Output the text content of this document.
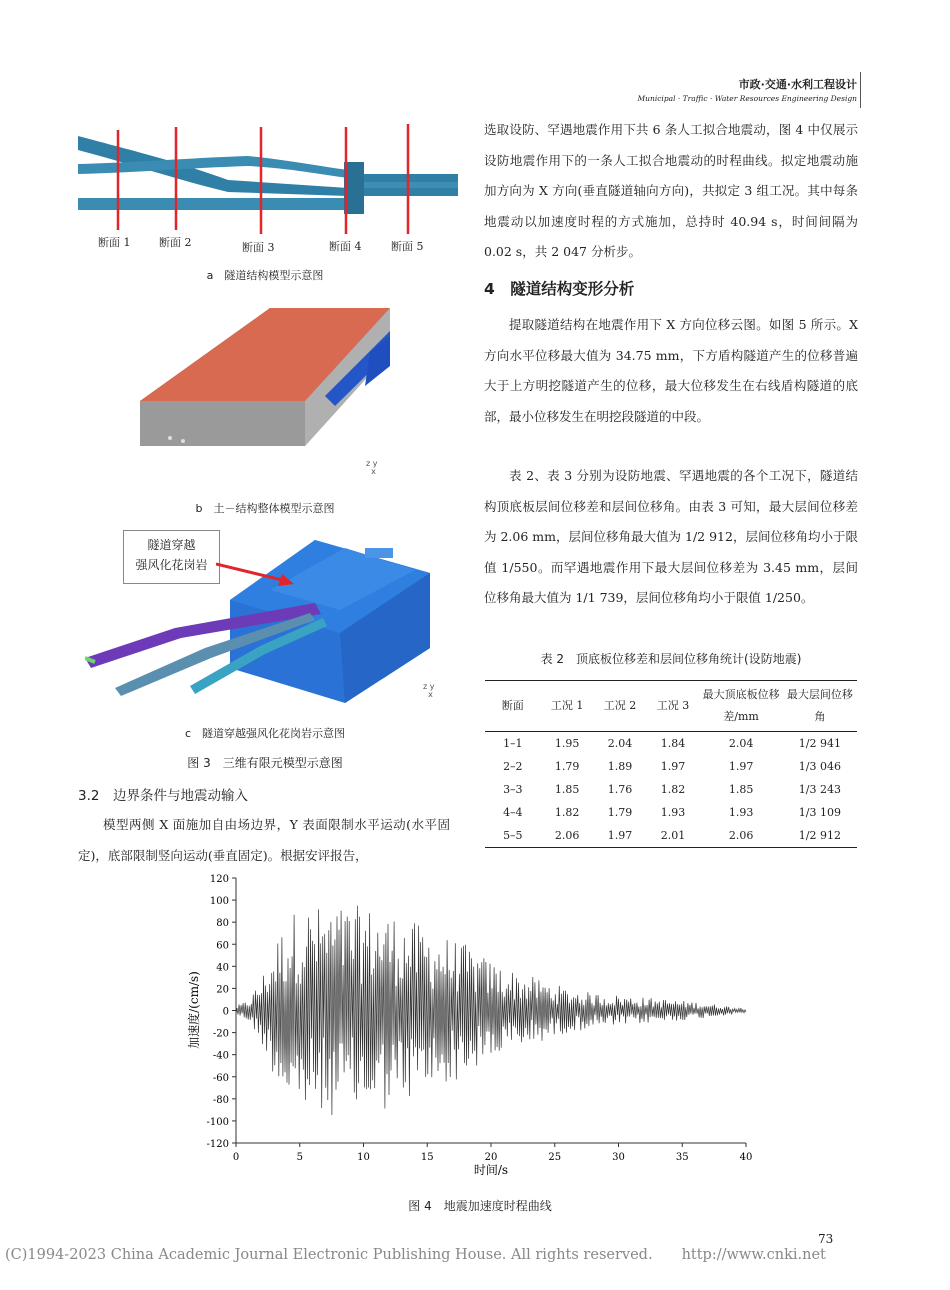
市政·交通·水利工程设计
Municipal · Traffic · Water Resources Engineering Design
断面 1	断面 2	断面 3	断面 4	断面 5
a　隧道结构模型示意图
z y
x
b　土－结构整体模型示意图
隧道穿越
强风化花岗岩
z y
x
c　隧道穿越强风化花岗岩示意图
图 3　三维有限元模型示意图
3.2　边界条件与地震动输入

模型两侧 X 面施加自由场边界，Y 表面限制水平运动(水平固定)，底部限制竖向运动(垂直固定)。根据安评报告，

选取设防、罕遇地震作用下共 6 条人工拟合地震动，图 4 中仅展示设防地震作用下的一条人工拟合地震动的时程曲线。拟定地震动施加方向为 X 方向(垂直隧道轴向方向)，共拟定 3 组工况。其中每条地震动以加速度时程的方式施加，总持时 40.94 s，时间间隔为 0.02 s，共 2 047 分析步。

4　隧道结构变形分析

提取隧道结构在地震作用下 X 方向位移云图。如图 5 所示。X 方向水平位移最大值为 34.75 mm，下方盾构隧道产生的位移普遍大于上方明挖隧道产生的位移，最大位移发生在右线盾构隧道的底部，最小位移发生在明挖段隧道的中段。

表 2、表 3 分别为设防地震、罕遇地震的各个工况下，隧道结构顶底板层间位移差和层间位移角。由表 3 可知，最大层间位移差为 2.06 mm，层间位移角最大值为 1/2 912，层间位移角均小于限值 1/550。而罕遇地震作用下最大层间位移差为 3.45 mm，层间位移角最大值为 1/1 739，层间位移角均小于限值 1/250。

表 2　顶底板位移差和层间位移角统计(设防地震)
断面	工况 1	工况 2	工况 3	最大顶底板位移差/mm	最大层间位移角
1–1	1.95	2.04	1.84	2.04	1/2 941
2–2	1.79	1.89	1.97	1.97	1/3 046
3–3	1.85	1.76	1.82	1.85	1/3 243
4–4	1.82	1.79	1.93	1.93	1/3 109
5–5	2.06	1.97	2.01	2.06	1/2 912
120
100
80
60
40
20
0
-20
-40
-60
-80
-100
-120
0	5	10	15	20	25	30	35	40
时间/s
加速度/(cm/s)
图 4　地震加速度时程曲线
73
(C)1994-2023 China Academic Journal Electronic Publishing House. All rights reserved.　　http://www.cnki.net
